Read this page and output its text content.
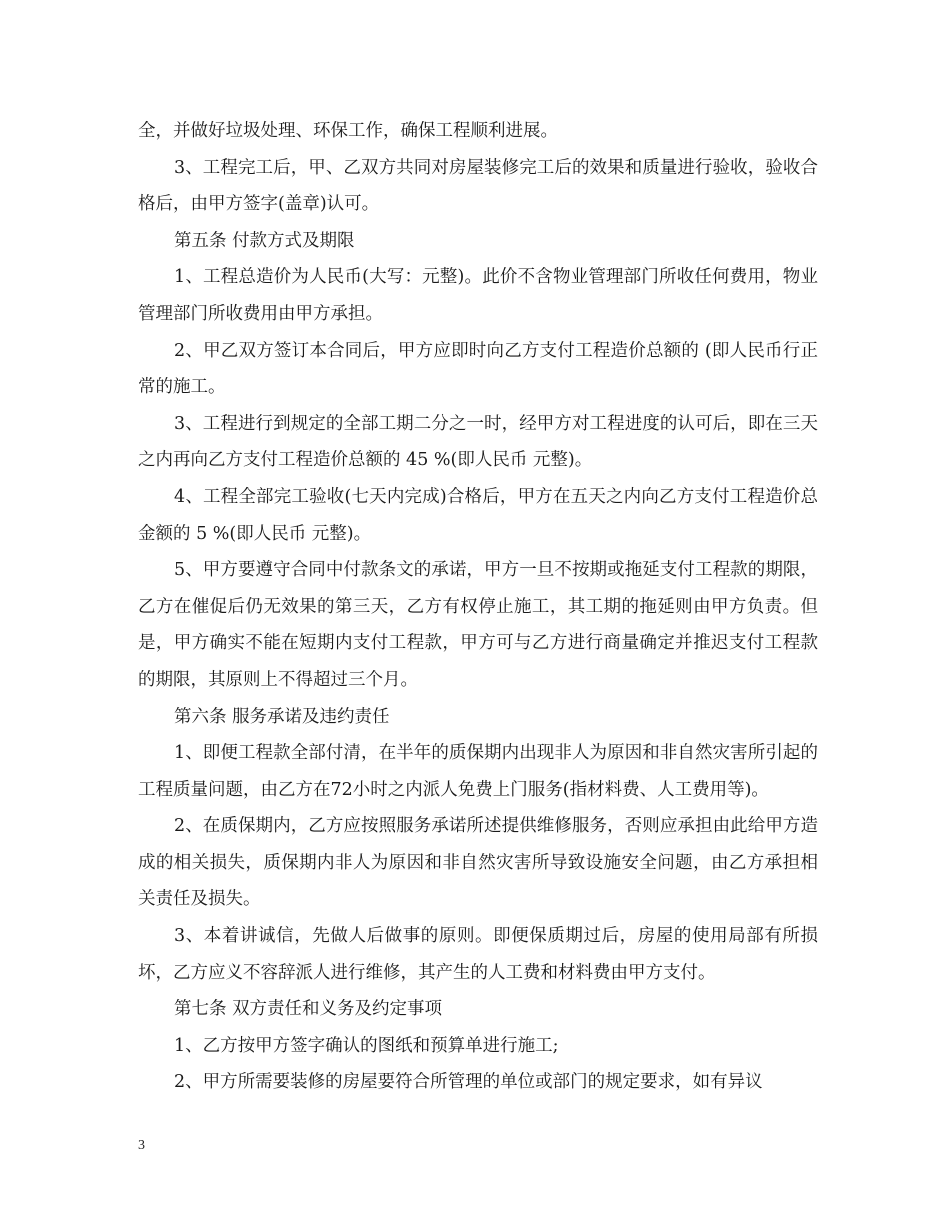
全，并做好垃圾处理、环保工作，确保工程顺利进展。

3、工程完工后，甲、乙双方共同对房屋装修完工后的效果和质量进行验收，验收合格后，由甲方签字(盖章)认可。

第五条 付款方式及期限

1、工程总造价为人民币(大写：元整)。此价不含物业管理部门所收任何费用，物业管理部门所收费用由甲方承担。

2、甲乙双方签订本合同后，甲方应即时向乙方支付工程造价总额的 (即人民币行正常的施工。

3、工程进行到规定的全部工期二分之一时，经甲方对工程进度的认可后，即在三天之内再向乙方支付工程造价总额的 45 %(即人民币 元整)。

4、工程全部完工验收(七天内完成)合格后，甲方在五天之内向乙方支付工程造价总金额的 5 %(即人民币 元整)。

5、甲方要遵守合同中付款条文的承诺，甲方一旦不按期或拖延支付工程款的期限，乙方在催促后仍无效果的第三天，乙方有权停止施工，其工期的拖延则由甲方负责。但是，甲方确实不能在短期内支付工程款，甲方可与乙方进行商量确定并推迟支付工程款的期限，其原则上不得超过三个月。

第六条 服务承诺及违约责任

1、即便工程款全部付清，在半年的质保期内出现非人为原因和非自然灾害所引起的工程质量问题，由乙方在72小时之内派人免费上门服务(指材料费、人工费用等)。

2、在质保期内，乙方应按照服务承诺所述提供维修服务，否则应承担由此给甲方造成的相关损失，质保期内非人为原因和非自然灾害所导致设施安全问题，由乙方承担相关责任及损失。

3、本着讲诚信，先做人后做事的原则。即便保质期过后，房屋的使用局部有所损坏，乙方应义不容辞派人进行维修，其产生的人工费和材料费由甲方支付。

第七条 双方责任和义务及约定事项

1、乙方按甲方签字确认的图纸和预算单进行施工;

2、甲方所需要装修的房屋要符合所管理的单位或部门的规定要求，如有异议

3
